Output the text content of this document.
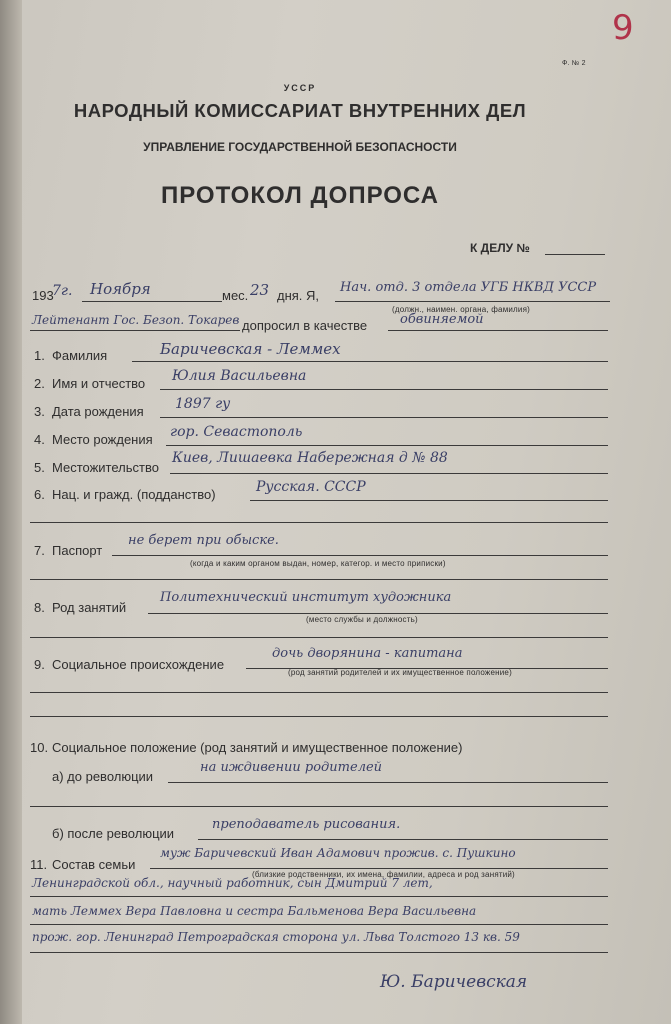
9
Ф. № 2
УССР
НАРОДНЫЙ КОМИССАРИАТ ВНУТРЕННИХ ДЕЛ
УПРАВЛЕНИЕ ГОСУДАРСТВЕННОЙ БЕЗОПАСНОСТИ
ПРОТОКОЛ ДОПРОСА
К ДЕЛУ №
193
7г. Ноября	мес. 23 дня. Я,
Нач. отд. 3 отдела УГБ НКВД УССР
(должн., наимен. органа, фамилия)
Лейтенант Гос. Безоп. Токарев допросил в качестве	обвиняемой
1. Фамилия	Баричевская - Леммех
2. Имя и отчество Юлия Васильевна
3. Дата рождения 1897 гу
4. Место рождения гор. Севастополь
5. Местожительство
Киев, Лишаевка Набережная д № 88
6. Нац. и гражд. (подданство)	Русская. СССР
7. Паспорт
не берет при обыске.
(когда и каким органом выдан, номер, категор. и место приписки)
8. Род занятий
Политехнический институт художника
(место службы и должность)
9. Социальное происхождение
дочь дворянина - капитана
(род занятий родителей и их имущественное положение)
10. Социальное положение (род занятий и имущественное положение)
а) до революции
на иждивении родителей
б) после революции
преподаватель рисования.
11. Состав семьи
муж Баричевский Иван Адамович прожив. с. Пушкино
(близкие родственники, их имена, фамилии, адреса и род занятий)
Ленинградской обл., научный работник, сын Дмитрий 7 лет,
мать Леммех Вера Павловна и сестра Бальменова Вера Васильевна
прож. гор. Ленинград Петроградская сторона ул. Льва Толстого 13 кв. 59
Ю. Баричевская
